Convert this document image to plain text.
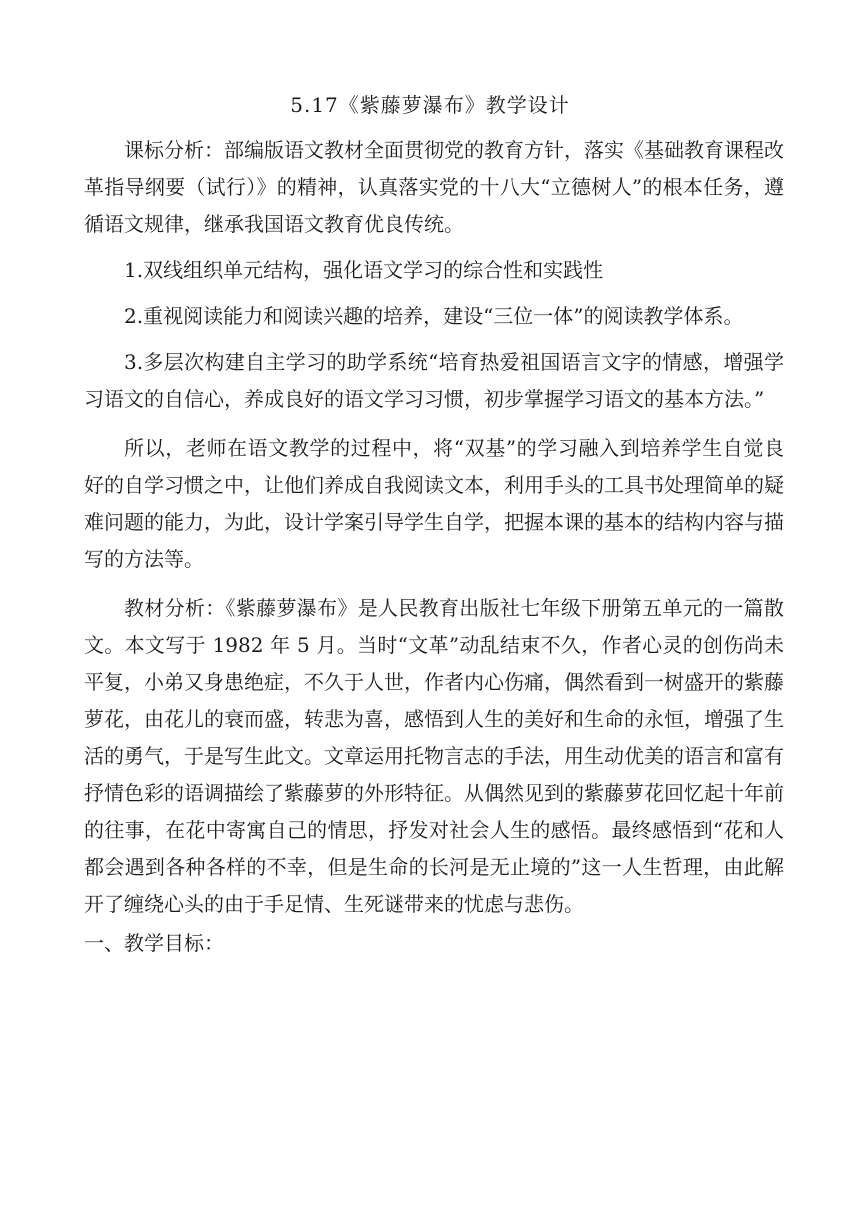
5.17《紫藤萝瀑布》教学设计

课标分析：部编版语文教材全面贯彻党的教育方针，落实《基础教育课程改革指导纲要（试行）》的精神，认真落实党的十八大“立德树人”的根本任务，遵循语文规律，继承我国语文教育优良传统。

1.双线组织单元结构，强化语文学习的综合性和实践性

2.重视阅读能力和阅读兴趣的培养，建设“三位一体”的阅读教学体系。

3.多层次构建自主学习的助学系统“培育热爱祖国语言文字的情感，增强学习语文的自信心，养成良好的语文学习习惯，初步掌握学习语文的基本方法。”

所以，老师在语文教学的过程中，将“双基”的学习融入到培养学生自觉良好的自学习惯之中，让他们养成自我阅读文本，利用手头的工具书处理简单的疑难问题的能力，为此，设计学案引导学生自学，把握本课的基本的结构内容与描写的方法等。

教材分析：《紫藤萝瀑布》是人民教育出版社七年级下册第五单元的一篇散文。本文写于 1982 年 5 月。当时“文革”动乱结束不久，作者心灵的创伤尚未平复，小弟又身患绝症，不久于人世，作者内心伤痛，偶然看到一树盛开的紫藤萝花，由花儿的衰而盛，转悲为喜，感悟到人生的美好和生命的永恒，增强了生活的勇气，于是写生此文。文章运用托物言志的手法，用生动优美的语言和富有抒情色彩的语调描绘了紫藤萝的外形特征。从偶然见到的紫藤萝花回忆起十年前的往事，在花中寄寓自己的情思，抒发对社会人生的感悟。最终感悟到“花和人都会遇到各种各样的不幸，但是生命的长河是无止境的”这一人生哲理，由此解开了缠绕心头的由于手足情、生死谜带来的忧虑与悲伤。

一、教学目标：
